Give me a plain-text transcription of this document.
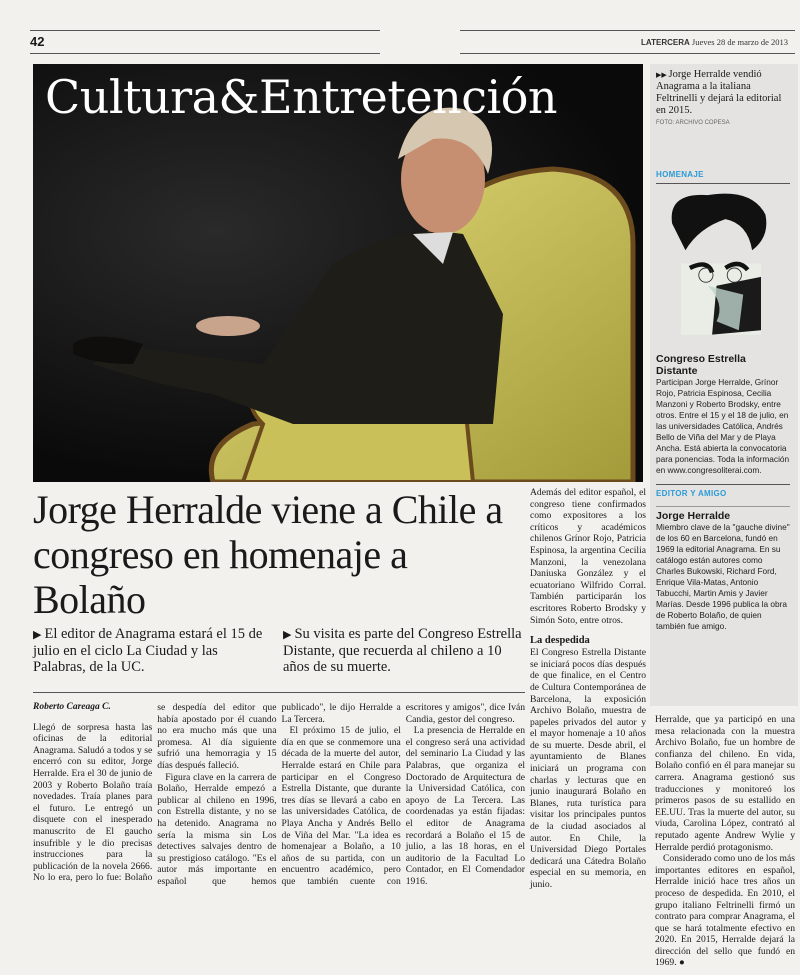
42	LATERCERA Jueves 28 de marzo de 2013
Cultura&Entretención	▶▶ Jorge Herralde vendió Anagrama a la italiana Feltrinelli y dejará la editorial en 2015.
FOTO: ARCHIVO COPESA
HOMENAJE
Congreso Estrella Distante
Participan Jorge Herralde, Grínor Rojo, Patricia Espinosa, Cecilia Manzoni y Roberto Brodsky, entre otros. Entre el 15 y el 18 de julio, en las universidades Católica, Andrés Bello de Viña del Mar y de Playa Ancha. Está abierta la convocatoria para ponencias. Toda la información en www.congresoliterai.com.
EDITOR Y AMIGO
Jorge Herralde
Miembro clave de la "gauche divine" de los 60 en Barcelona, fundó en 1969 la editorial Anagrama. En su catálogo están autores como Charles Bukowski, Richard Ford, Enrique Vila-Matas, Antonio Tabucchi, Martin Amis y Javier Marías. Desde 1996 publica la obra de Roberto Bolaño, de quien también fue amigo.
Jorge Herralde viene a Chile a congreso en homenaje a Bolaño
▶ El editor de Anagrama estará el 15 de julio en el ciclo La Ciudad y las Palabras, de la UC.
▶ Su visita es parte del Congreso Estrella Distante, que recuerda al chileno a 10 años de su muerte.
Roberto Careaga C.

Llegó de sorpresa hasta las oficinas de la editorial Anagrama. Saludó a todos y se encerró con su editor, Jorge Herralde. Era el 30 de junio de 2003 y Roberto Bolaño traía novedades. Traía planes para el futuro. Le entregó un disquete con el inesperado manuscrito de El gaucho insufrible y le dio precisas instrucciones para la publicación de la novela 2666. No lo era, pero lo fue: Bolaño se despedía del editor que había apostado por él cuando no era mucho más que una promesa. Al día siguiente sufrió una hemorragia y 15 días después falleció.

Figura clave en la carrera de Bolaño, Herralde empezó a publicar al chileno en 1996, con Estrella distante, y no se ha detenido. Anagrama no sería la misma sin Los detectives salvajes dentro de su prestigioso catálogo. "Es el autor más importante en español que hemos publicado", le dijo Herralde a La Tercera.

El próximo 15 de julio, el día en que se conmemore una década de la muerte del autor, Herralde estará en Chile para participar en el Congreso Estrella Distante, que durante tres días se llevará a cabo en las universidades Católica, de Playa Ancha y Andrés Bello de Viña del Mar. "La idea es homenajear a Bolaño, a 10 años de su partida, con un encuentro académico, pero que también cuente con escritores y amigos", dice Iván Candia, gestor del congreso.

La presencia de Herralde en el congreso será una actividad del seminario La Ciudad y las Palabras, que organiza el Doctorado de Arquitectura de la Universidad Católica, con apoyo de La Tercera. Las coordenadas ya están fijadas: el editor de Anagrama recordará a Bolaño el 15 de julio, a las 18 horas, en el auditorio de la Facultad Lo Contador, en El Comendador 1916.

Además del editor español, el congreso tiene confirmados como expositores a los críticos y académicos chilenos Grínor Rojo, Patricia Espinosa, la argentina Cecilia Manzoni, la venezolana Daniuska González y el ecuatoriano Wilfrido Corral. También participarán los escritores Roberto Brodsky y Simón Soto, entre otros.

La despedida

El Congreso Estrella Distante se iniciará pocos días después de que finalice, en el Centro de Cultura Contemporánea de Barcelona, la exposición Archivo Bolaño, muestra de papeles privados del autor y el mayor homenaje a 10 años de su muerte. Desde abril, el ayuntamiento de Blanes iniciará un programa con charlas y lecturas que en junio inaugurará Bolaño en Blanes, ruta turística para visitar los principales puntos de la ciudad asociados al autor. En Chile, la Universidad Diego Portales dedicará una Cátedra Bolaño especial en su memoria, en junio.

Herralde, que ya participó en una mesa relacionada con la muestra Archivo Bolaño, fue un hombre de confianza del chileno. En vida, Bolaño confió en él para manejar su carrera. Anagrama gestionó sus traducciones y monitoreó los primeros pasos de su estallido en EE.UU. Tras la muerte del autor, su viuda, Carolina López, contrató al reputado agente Andrew Wylie y Herralde perdió protagonismo.

Considerado como uno de los más importantes editores en español, Herralde inició hace tres años un proceso de despedida. En 2010, el grupo italiano Feltrinelli firmó un contrato para comprar Anagrama, el que se hará totalmente efectivo en 2020. En 2015, Herralde dejará la dirección del sello que fundó en 1969. ●
